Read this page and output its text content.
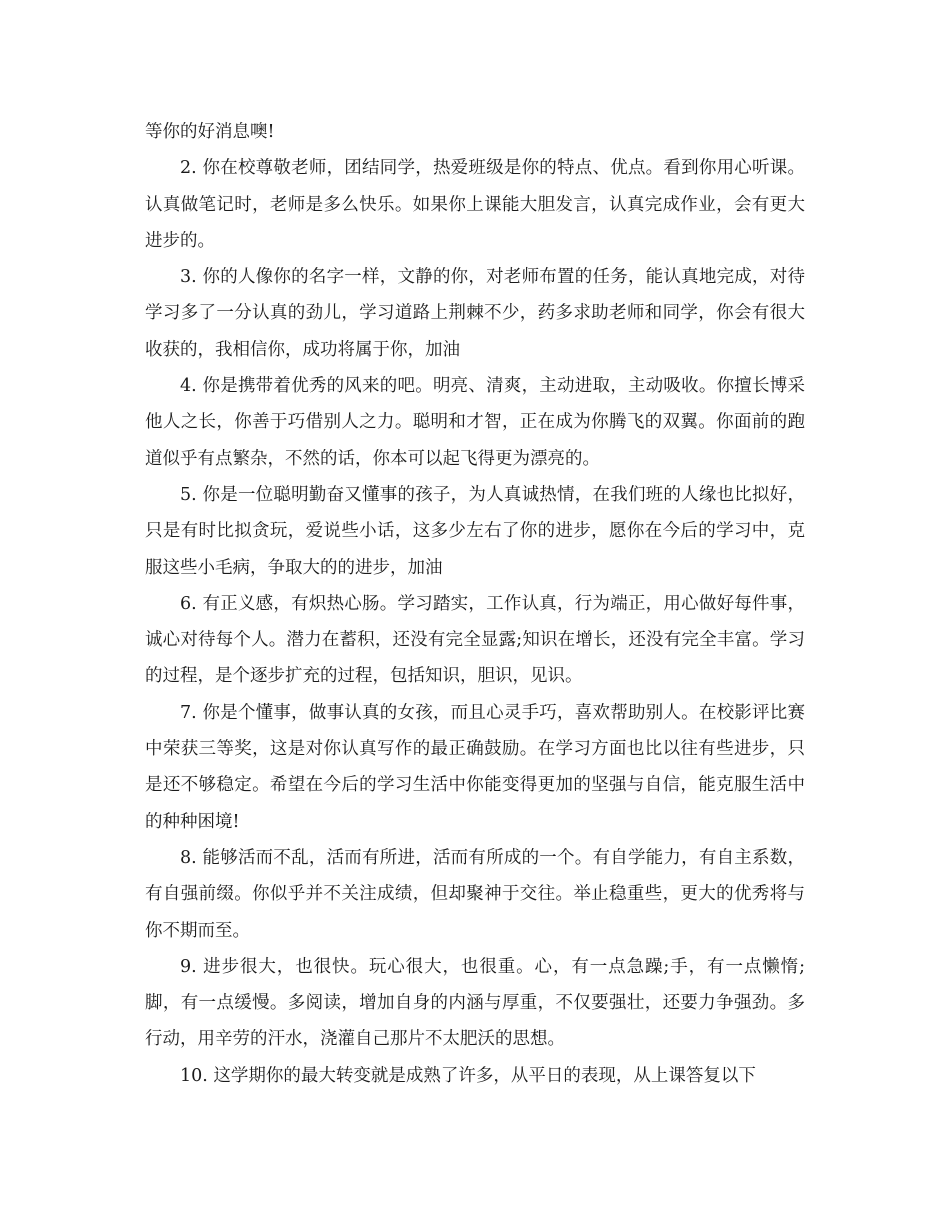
等你的好消息噢!

2. 你在校尊敬老师，团结同学，热爱班级是你的特点、优点。看到你用心听课。认真做笔记时，老师是多么快乐。如果你上课能大胆发言，认真完成作业，会有更大进步的。

3. 你的人像你的名字一样，文静的你，对老师布置的任务，能认真地完成，对待学习多了一分认真的劲儿，学习道路上荆棘不少，药多求助老师和同学，你会有很大收获的，我相信你，成功将属于你，加油

4. 你是携带着优秀的风来的吧。明亮、清爽，主动进取，主动吸收。你擅长博采他人之长，你善于巧借别人之力。聪明和才智，正在成为你腾飞的双翼。你面前的跑道似乎有点繁杂，不然的话，你本可以起飞得更为漂亮的。

5. 你是一位聪明勤奋又懂事的孩子，为人真诚热情，在我们班的人缘也比拟好，只是有时比拟贪玩，爱说些小话，这多少左右了你的进步，愿你在今后的学习中，克服这些小毛病，争取大的的进步，加油

6. 有正义感，有炽热心肠。学习踏实，工作认真，行为端正，用心做好每件事，诚心对待每个人。潜力在蓄积，还没有完全显露;知识在增长，还没有完全丰富。学习的过程，是个逐步扩充的过程，包括知识，胆识，见识。

7. 你是个懂事，做事认真的女孩，而且心灵手巧，喜欢帮助别人。在校影评比赛中荣获三等奖，这是对你认真写作的最正确鼓励。在学习方面也比以往有些进步，只是还不够稳定。希望在今后的学习生活中你能变得更加的坚强与自信，能克服生活中的种种困境!

8. 能够活而不乱，活而有所进，活而有所成的一个。有自学能力，有自主系数，有自强前缀。你似乎并不关注成绩，但却聚神于交往。举止稳重些，更大的优秀将与你不期而至。

9. 进步很大，也很快。玩心很大，也很重。心，有一点急躁;手，有一点懒惰;脚，有一点缓慢。多阅读，增加自身的内涵与厚重，不仅要强壮，还要力争强劲。多行动，用辛劳的汗水，浇灌自己那片不太肥沃的思想。

10. 这学期你的最大转变就是成熟了许多，从平日的表现，从上课答复以下
